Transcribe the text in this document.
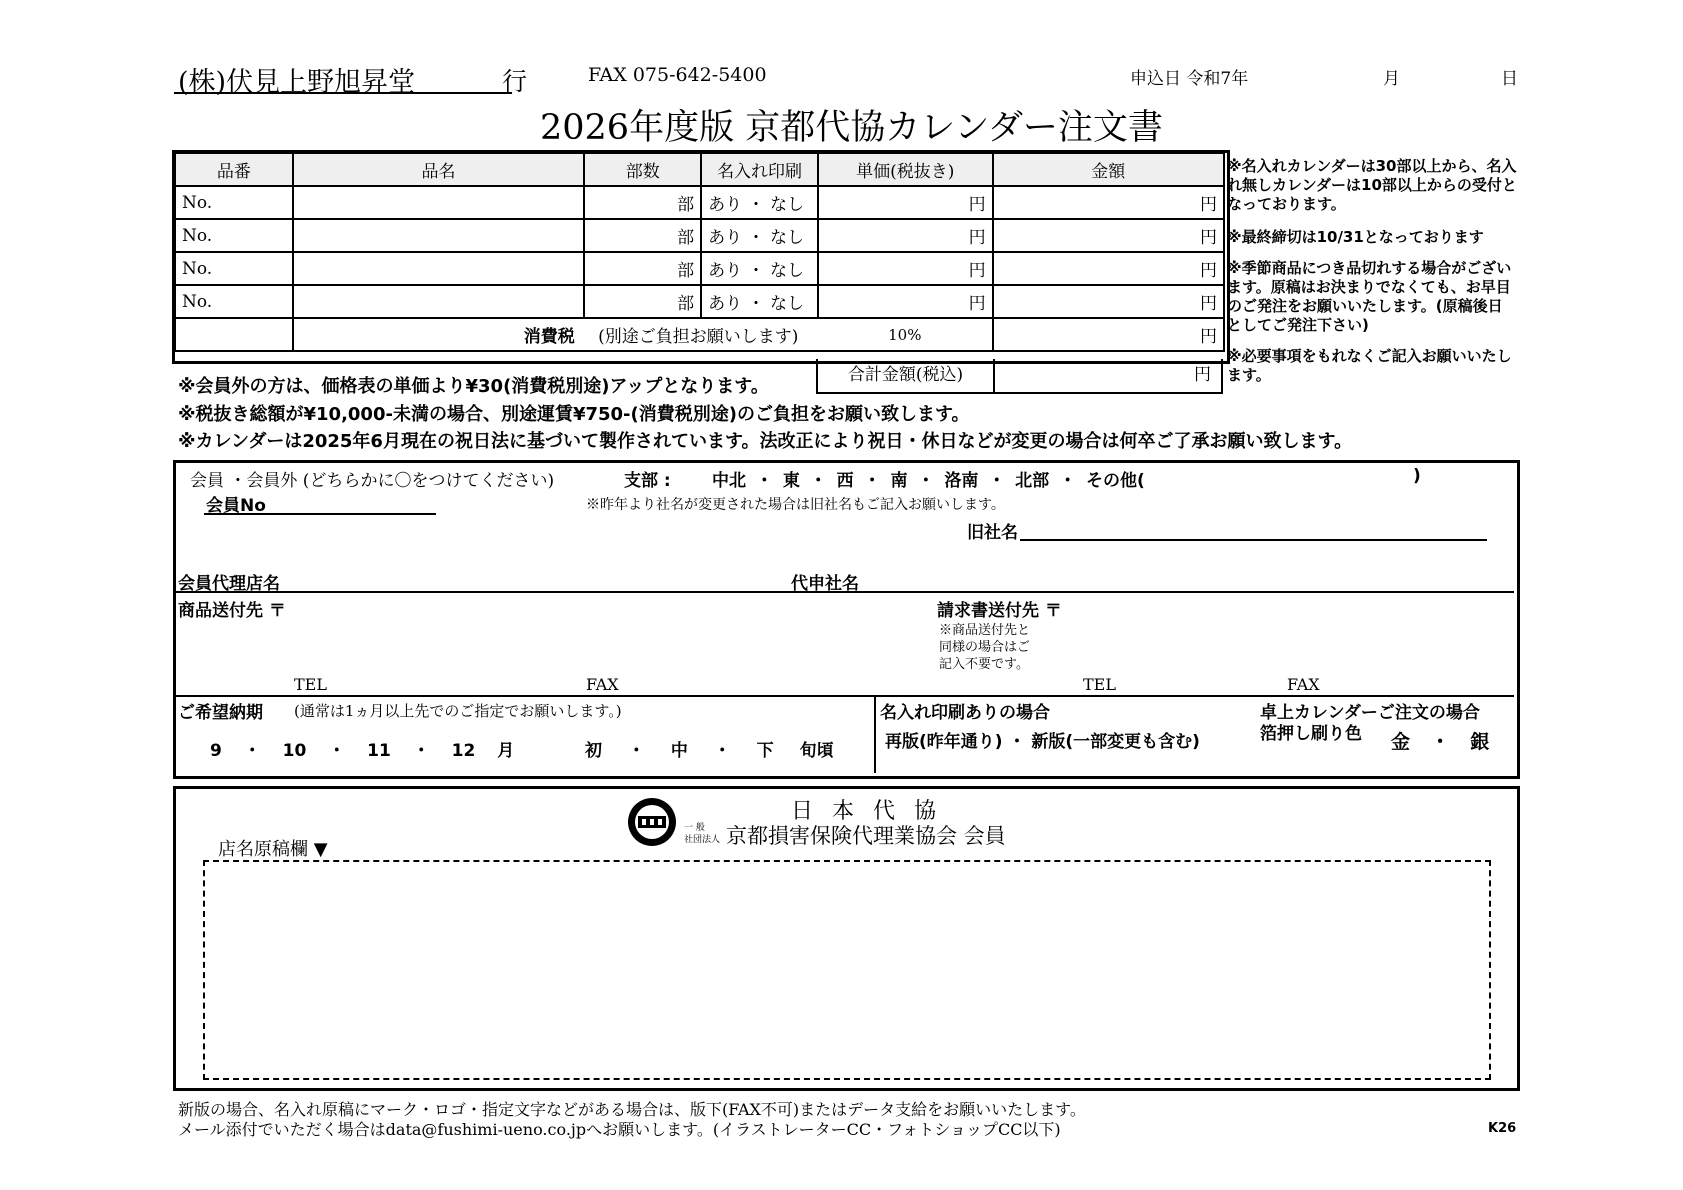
(株)伏見上野旭昇堂	行	FAX 075-642-5400	申込日 令和7年	月	日
2026年度版 京都代協カレンダー注文書
品番	品名	部数	名入れ印刷	単価(税抜き)	金額
No.		部	あり ・ なし	円	円
No.		部	あり ・ なし	円	円
No.		部	あり ・ なし	円	円
No.		部	あり ・ なし	円	円
	消費税 (別途ご負担お願いします)			10%	円
合計金額(税込)	円
※名入れカレンダーは30部以上から、名入れ無しカレンダーは10部以上からの受付となっております。
※最終締切は10/31となっております
※季節商品につき品切れする場合がございます。原稿はお決まりでなくても、お早目のご発注をお願いいたします。(原稿後日としてご発注下さい)
※必要事項をもれなくご記入お願いいたします。
※会員外の方は、価格表の単価より¥30(消費税別途)アップとなります。
※税抜き総額が¥10,000-未満の場合、別途運賃¥750-(消費税別途)のご負担をお願い致します。
※カレンダーは2025年6月現在の祝日法に基づいて製作されています。法改正により祝日・休日などが変更の場合は何卒ご了承お願い致します。
会員 ・会員外 (どちらかに〇をつけてください)	支部 : 中北 ・ 東 ・ 西 ・ 南 ・ 洛南 ・ 北部 ・ その他(	)
会員No	※昨年より社名が変更された場合は旧社名もご記入お願いします。
旧社名
会員代理店名	代申社名
商品送付先 〒	請求書送付先 〒
※商品送付先と
同様の場合はご
記入不要です。
TEL	FAX	TEL	FAX
ご希望納期 (通常は1ヵ月以上先でのご指定でお願いします。)
9 ・ 10 ・ 11 ・ 12 月	初 ・ 中 ・ 下 旬頃
名入れ印刷ありの場合
再版(昨年通り) ・ 新版(一部変更も含む)
卓上カレンダーご注文の場合
箔押し刷り色 金 ・ 銀
日 本 代 協
一 般
社団法人 京都損害保険代理業協会 会員
店名原稿欄 ▼
新版の場合、名入れ原稿にマーク・ロゴ・指定文字などがある場合は、版下(FAX不可)またはデータ支給をお願いいたします。
メール添付でいただく場合はdata@fushimi-ueno.co.jpへお願いします。(イラストレーターCC・フォトショップCC以下)	K26
